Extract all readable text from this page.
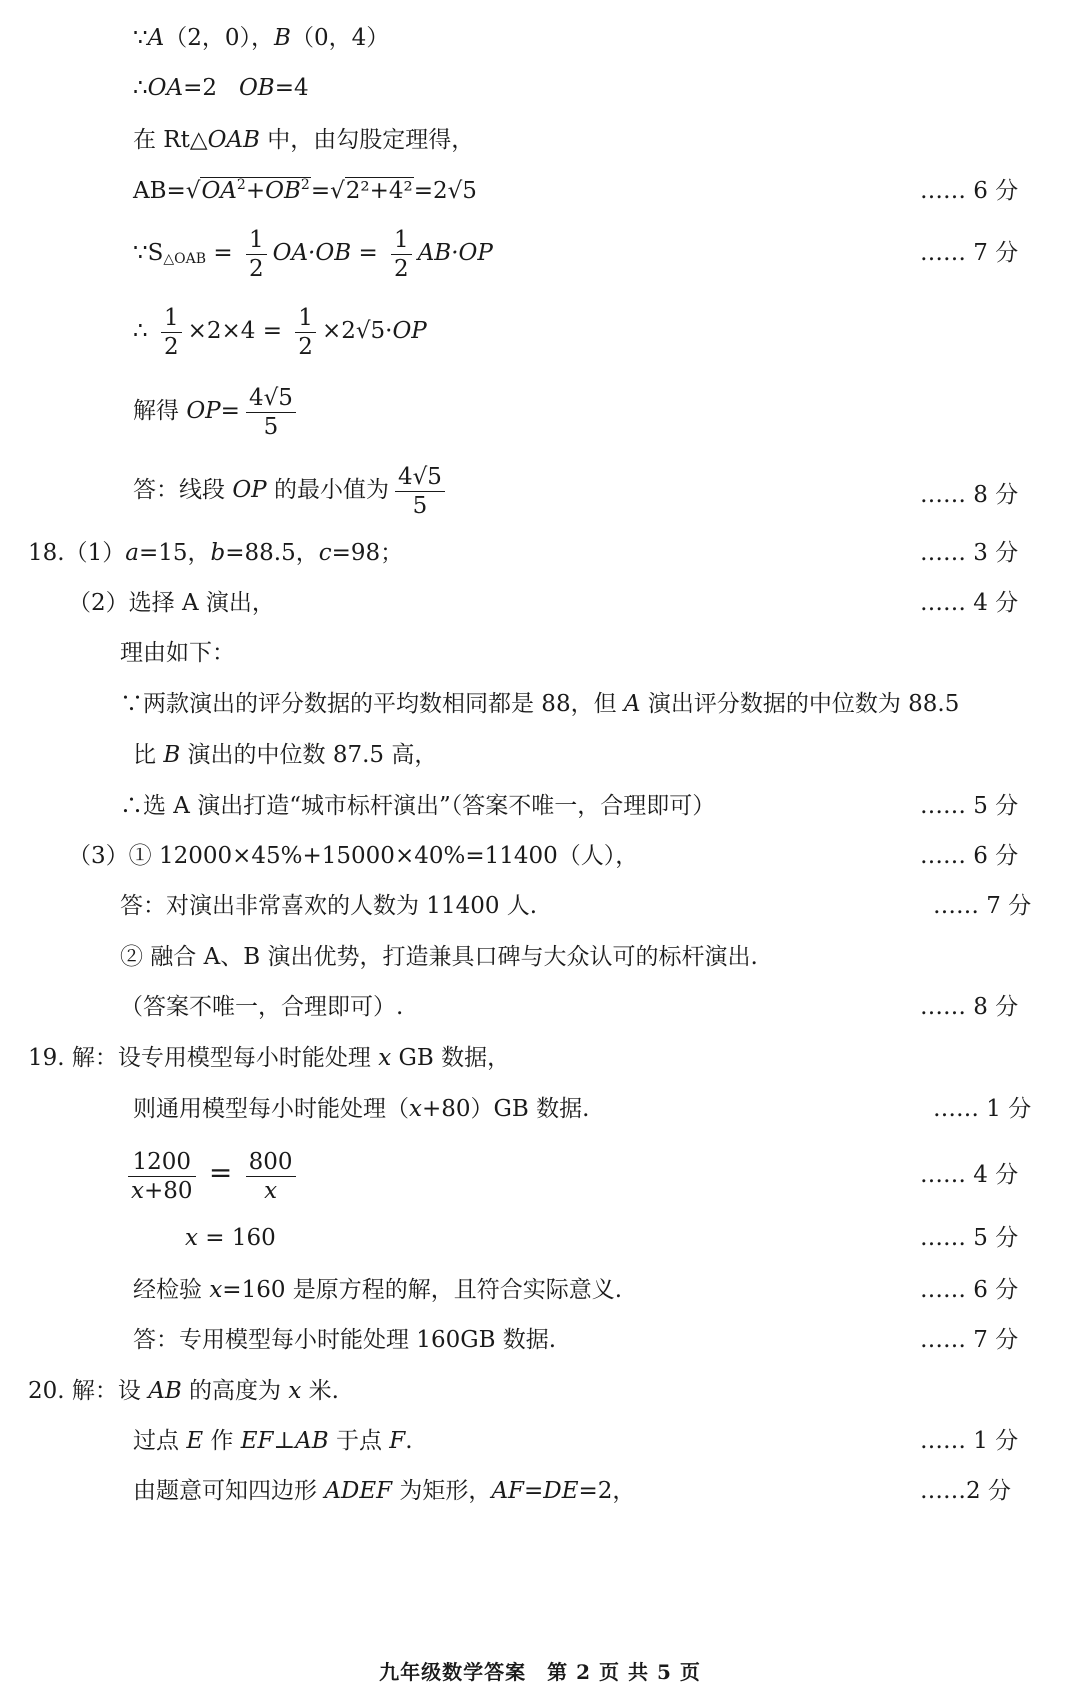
∵A（2，0），B（0，4）
∴OA=2 OB=4
在 Rt△OAB 中，由勾股定理得，
$AB=√OA^2+OB^2=√2^2+4^2=2√5$	…… 6 分
$\because S_{\triangle OAB} = \frac{1}{2} OA\cdot OB = \frac{1}{2} AB\cdot OP$	…… 7 分
∴ $\frac{1}{2} \times 2\times 4 = \frac{1}{2} \times 2√5\cdot OP$
解得 $OP= \frac{4√5}{5}$
答：线段 OP 的最小值为 $\frac{4√5}{5}$	…… 8 分
18.（1）a=15，b=88.5，c=98；	…… 3 分
（2）选择 A 演出，	…… 4 分
理由如下：
∵两款演出的评分数据的平均数相同都是 88，但 A 演出评分数据的中位数为 88.5
比 B 演出的中位数 87.5 高，
∴选 A 演出打造“城市标杆演出”（答案不唯一，合理即可）	…… 5 分
（3）① 12000×45%+15000×40%=11400（人），	…… 6 分
答：对演出非常喜欢的人数为 11400 人.	…… 7 分
② 融合 A、B 演出优势，打造兼具口碑与大众认可的标杆演出.
（答案不唯一，合理即可）.	…… 8 分
19. 解：设专用模型每小时能处理 x GB 数据，
则通用模型每小时能处理（x+80）GB 数据.	…… 1 分
$\frac{1200}{x+80} = \frac{800}{x}$	…… 4 分
x = 160	…… 5 分
经检验 x=160 是原方程的解，且符合实际意义.	…… 6 分
答：专用模型每小时能处理 160GB 数据.	…… 7 分
20. 解：设 AB 的高度为 x 米.
过点 E 作 EF⊥AB 于点 F.	…… 1 分
由题意可知四边形 ADEF 为矩形，AF=DE=2，	……2 分
九年级数学答案　第 2 页 共 5 页
